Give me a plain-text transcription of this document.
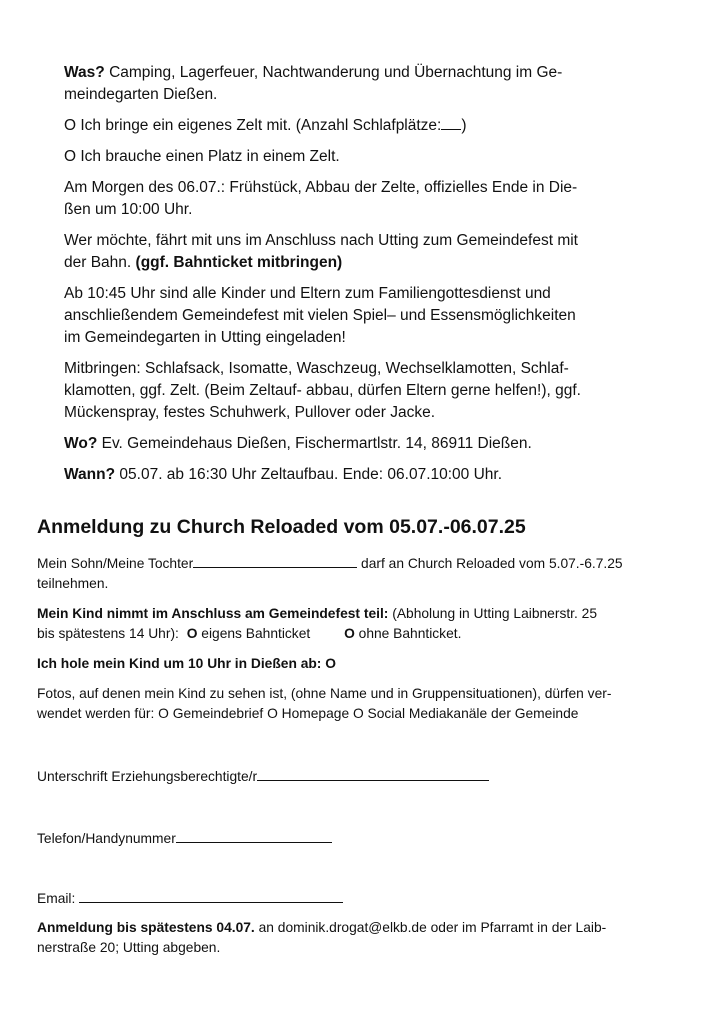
Was? Camping, Lagerfeuer, Nachtwanderung und Übernachtung im Ge-
meindegarten Dießen.

O Ich bringe ein eigenes Zelt mit. (Anzahl Schlafplätze: )

O Ich brauche einen Platz in einem Zelt.

Am Morgen des 06.07.: Frühstück, Abbau der Zelte, offizielles Ende in Die-
ßen um 10:00 Uhr.

Wer möchte, fährt mit uns im Anschluss nach Utting zum Gemeindefest mit
der Bahn. (ggf. Bahnticket mitbringen)

Ab 10:45 Uhr sind alle Kinder und Eltern zum Familiengottesdienst und
anschließendem Gemeindefest mit vielen Spiel– und Essensmöglichkeiten
im Gemeindegarten in Utting eingeladen!

Mitbringen: Schlafsack, Isomatte, Waschzeug, Wechselklamotten, Schlaf-
klamotten, ggf. Zelt. (Beim Zeltauf- abbau, dürfen Eltern gerne helfen!), ggf.
Mückenspray, festes Schuhwerk, Pullover oder Jacke.

Wo? Ev. Gemeindehaus Dießen, Fischermartlstr. 14, 86911 Dießen.

Wann? 05.07. ab 16:30 Uhr Zeltaufbau. Ende: 06.07.10:00 Uhr.

Anmeldung zu Church Reloaded vom 05.07.-06.07.25

Mein Sohn/Meine Tochter	darf an Church Reloaded vom 5.07.-6.7.25
teilnehmen.

Mein Kind nimmt im Anschluss am Gemeindefest teil: (Abholung in Utting Laibnerstr. 25
bis spätestens 14 Uhr): O eigens Bahnticket O ohne Bahnticket.

Ich hole mein Kind um 10 Uhr in Dießen ab: O

Fotos, auf denen mein Kind zu sehen ist, (ohne Name und in Gruppensituationen), dürfen ver-
wendet werden für: O Gemeindebrief O Homepage O Social Mediakanäle der Gemeinde

Unterschrift Erziehungsberechtigte/r

Telefon/Handynummer

Email:

Anmeldung bis spätestens 04.07. an dominik.drogat@elkb.de oder im Pfarramt in der Laib-
nerstraße 20; Utting abgeben.
